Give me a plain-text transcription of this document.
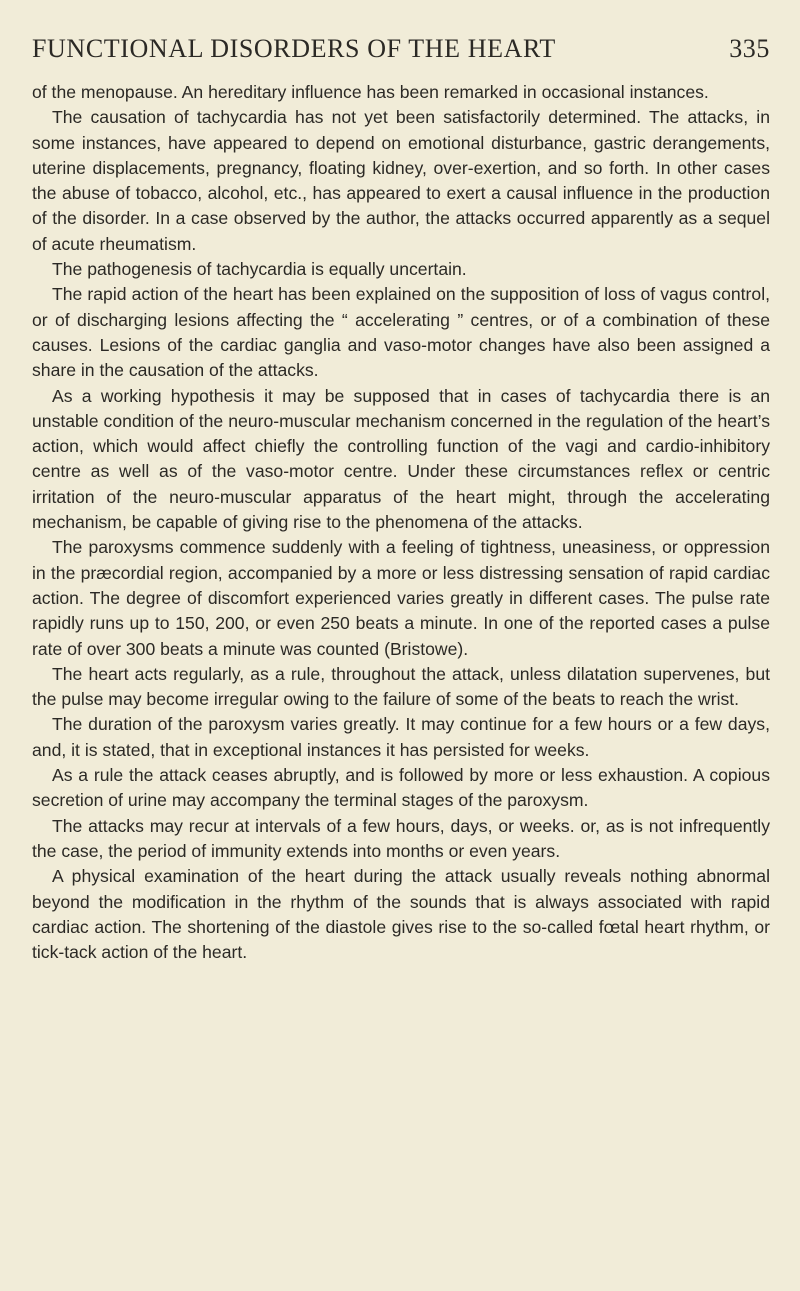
FUNCTIONAL DISORDERS OF THE HEART	335

of the menopause. An hereditary influence has been remarked in occasional instances.

The causation of tachycardia has not yet been satisfactorily determined. The attacks, in some instances, have appeared to depend on emotional disturbance, gastric derangements, uterine displacements, pregnancy, floating kidney, over-exertion, and so forth. In other cases the abuse of tobacco, alcohol, etc., has appeared to exert a causal influence in the production of the disorder. In a case observed by the author, the attacks occurred apparently as a sequel of acute rheumatism.

The pathogenesis of tachycardia is equally uncertain.

The rapid action of the heart has been explained on the supposition of loss of vagus control, or of discharging lesions affecting the “ accelerating ” centres, or of a combination of these causes. Lesions of the cardiac ganglia and vaso-motor changes have also been assigned a share in the causation of the attacks.

As a working hypothesis it may be supposed that in cases of tachycardia there is an unstable condition of the neuro-muscular mechanism concerned in the regulation of the heart’s action, which would affect chiefly the controlling function of the vagi and cardio-inhibitory centre as well as of the vaso-motor centre. Under these circumstances reflex or centric irritation of the neuro-muscular apparatus of the heart might, through the accelerating mechanism, be capable of giving rise to the phenomena of the attacks.

The paroxysms commence suddenly with a feeling of tightness, uneasiness, or oppression in the præcordial region, accompanied by a more or less distressing sensation of rapid cardiac action. The degree of discomfort experienced varies greatly in different cases. The pulse rate rapidly runs up to 150, 200, or even 250 beats a minute. In one of the reported cases a pulse rate of over 300 beats a minute was counted (Bristowe).

The heart acts regularly, as a rule, throughout the attack, unless dilatation supervenes, but the pulse may become irregular owing to the failure of some of the beats to reach the wrist.

The duration of the paroxysm varies greatly. It may continue for a few hours or a few days, and, it is stated, that in exceptional instances it has persisted for weeks.

As a rule the attack ceases abruptly, and is followed by more or less exhaustion. A copious secretion of urine may accompany the terminal stages of the paroxysm.

The attacks may recur at intervals of a few hours, days, or weeks. or, as is not infrequently the case, the period of immunity extends into months or even years.

A physical examination of the heart during the attack usually reveals nothing abnormal beyond the modification in the rhythm of the sounds that is always associated with rapid cardiac action. The shortening of the diastole gives rise to the so-called fœtal heart rhythm, or tick-tack action of the heart.
